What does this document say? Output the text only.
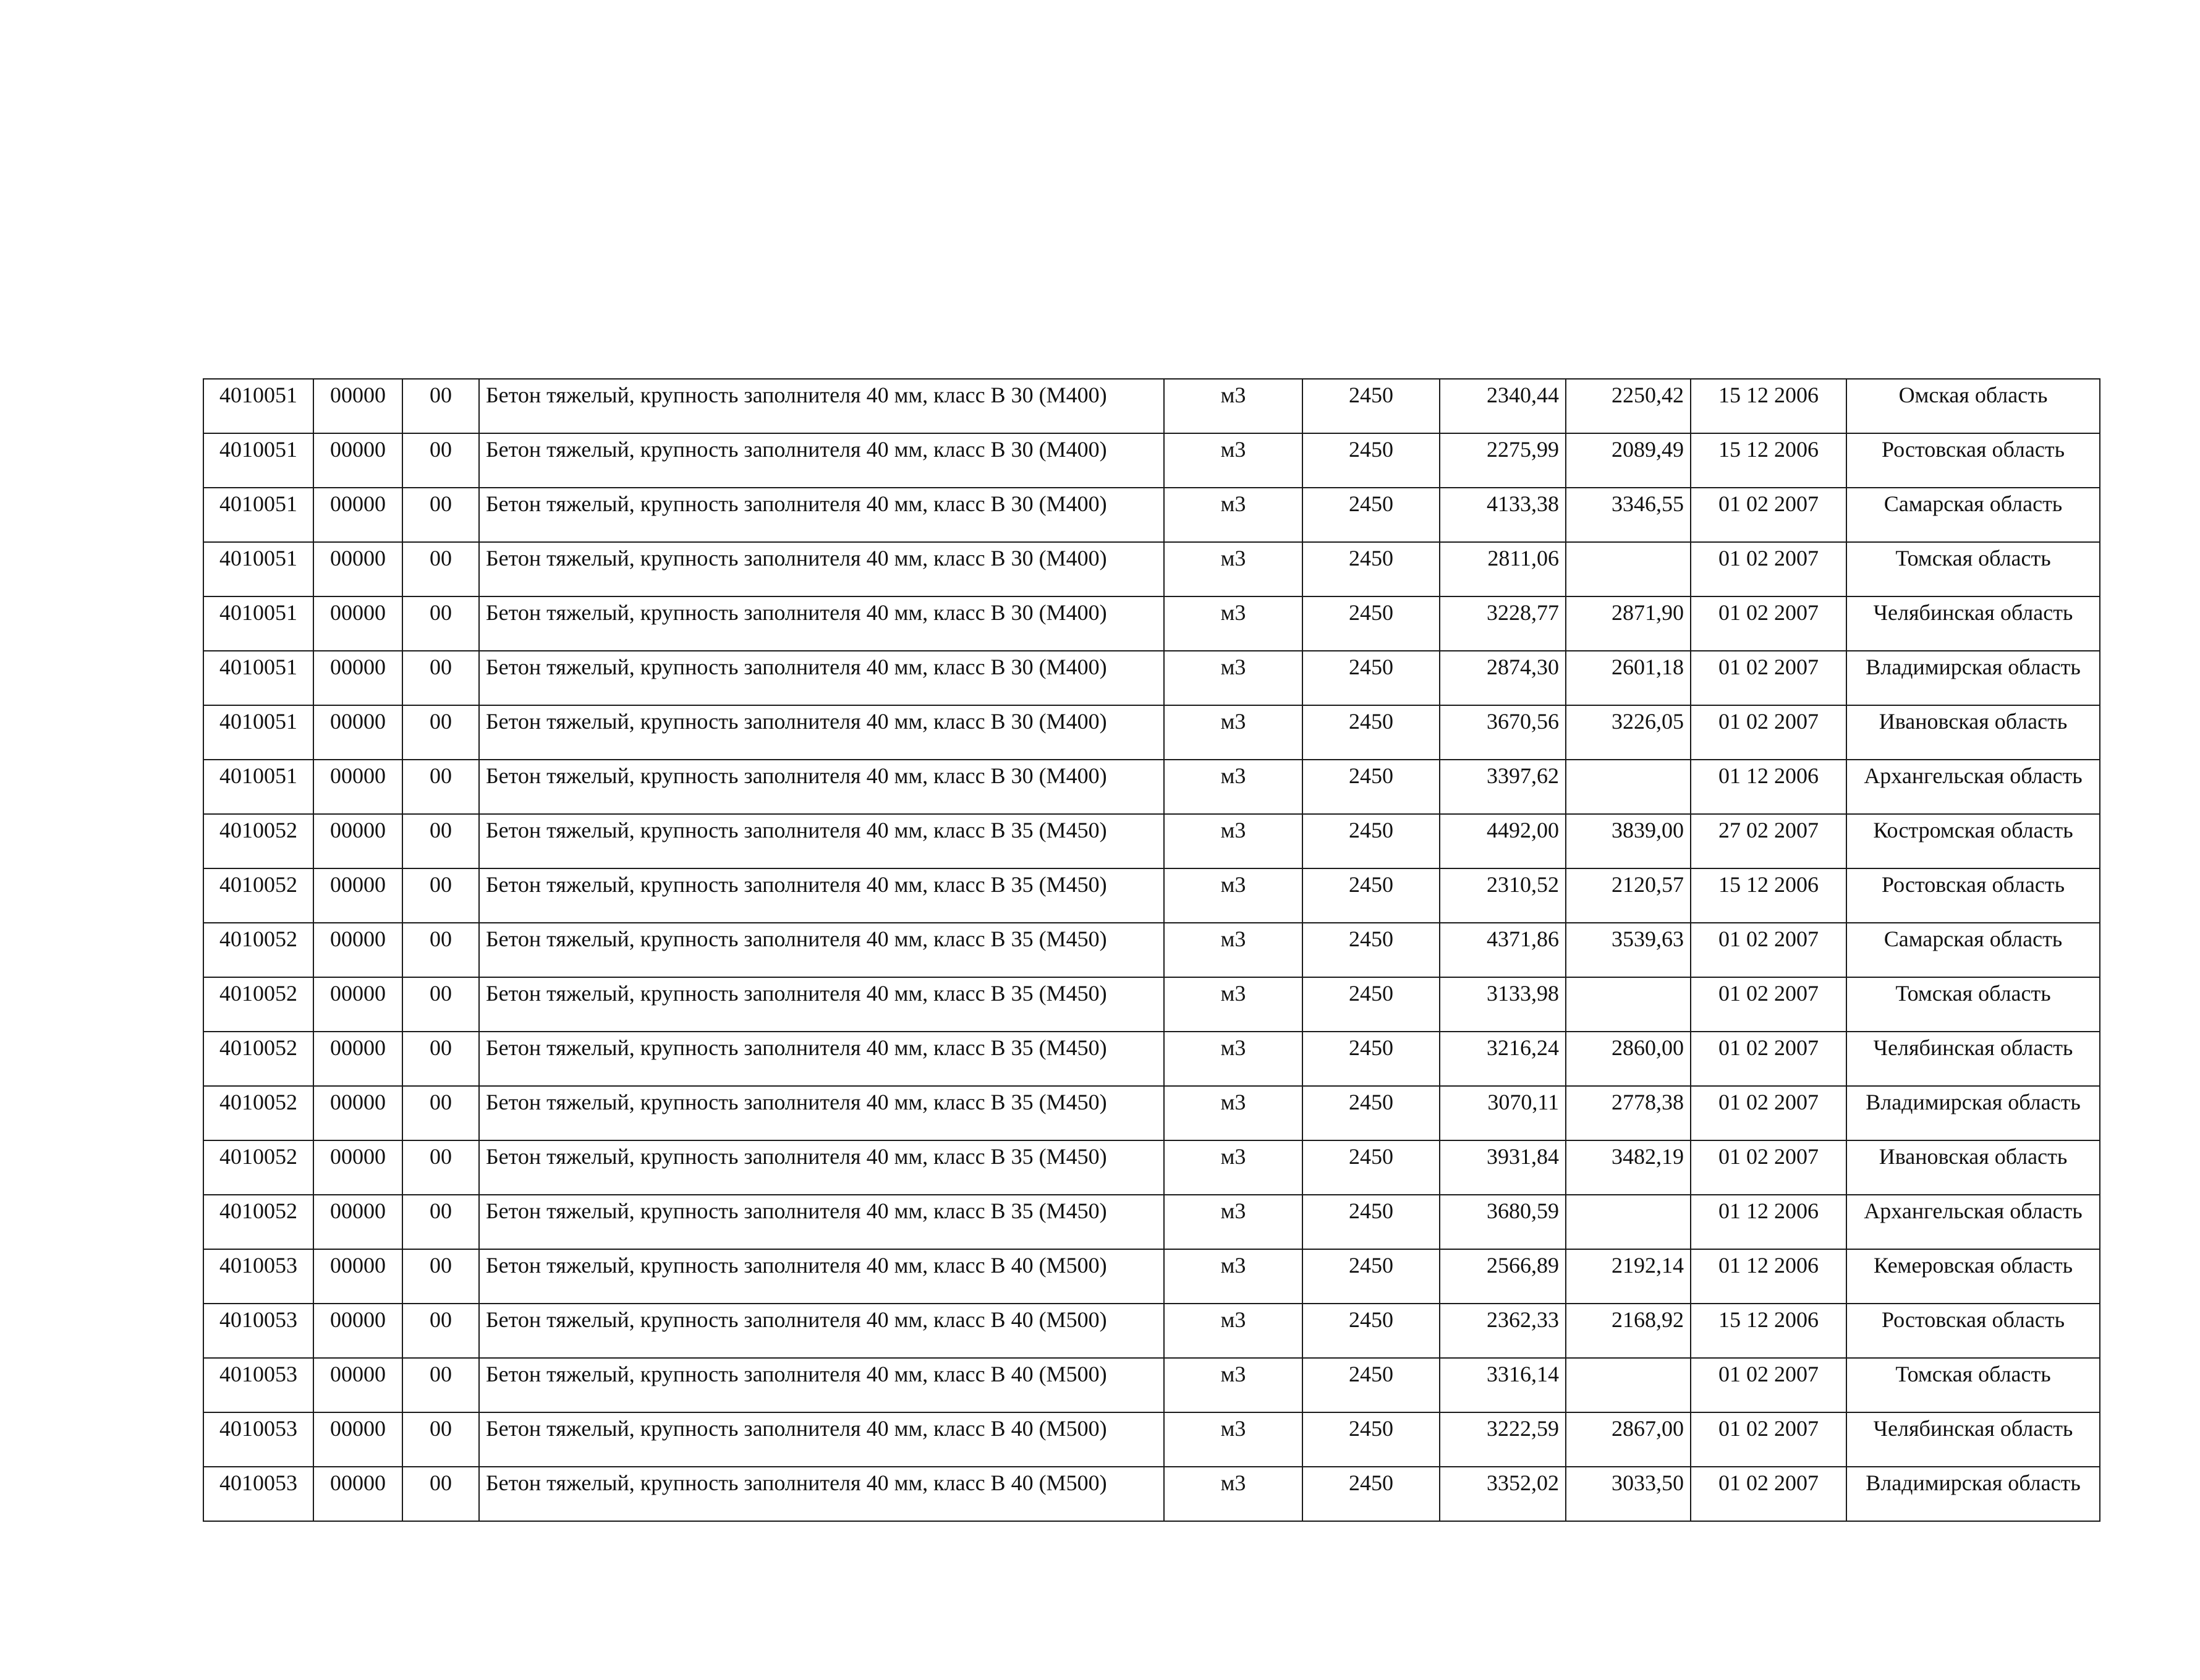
4010051	00000	00	Бетон тяжелый, крупность заполнителя 40 мм, класс В 30 (М400)	м3	2450	2340,44	2250,42	15 12 2006	Омская область
4010051	00000	00	Бетон тяжелый, крупность заполнителя 40 мм, класс В 30 (М400)	м3	2450	2275,99	2089,49	15 12 2006	Ростовская область
4010051	00000	00	Бетон тяжелый, крупность заполнителя 40 мм, класс В 30 (М400)	м3	2450	4133,38	3346,55	01 02 2007	Самарская область
4010051	00000	00	Бетон тяжелый, крупность заполнителя 40 мм, класс В 30 (М400)	м3	2450	2811,06		01 02 2007	Томская область
4010051	00000	00	Бетон тяжелый, крупность заполнителя 40 мм, класс В 30 (М400)	м3	2450	3228,77	2871,90	01 02 2007	Челябинская область
4010051	00000	00	Бетон тяжелый, крупность заполнителя 40 мм, класс В 30 (М400)	м3	2450	2874,30	2601,18	01 02 2007	Владимирская область
4010051	00000	00	Бетон тяжелый, крупность заполнителя 40 мм, класс В 30 (М400)	м3	2450	3670,56	3226,05	01 02 2007	Ивановская область
4010051	00000	00	Бетон тяжелый, крупность заполнителя 40 мм, класс В 30 (М400)	м3	2450	3397,62		01 12 2006	Архангельская область
4010052	00000	00	Бетон тяжелый, крупность заполнителя 40 мм, класс В 35 (М450)	м3	2450	4492,00	3839,00	27 02 2007	Костромская область
4010052	00000	00	Бетон тяжелый, крупность заполнителя 40 мм, класс В 35 (М450)	м3	2450	2310,52	2120,57	15 12 2006	Ростовская область
4010052	00000	00	Бетон тяжелый, крупность заполнителя 40 мм, класс В 35 (М450)	м3	2450	4371,86	3539,63	01 02 2007	Самарская область
4010052	00000	00	Бетон тяжелый, крупность заполнителя 40 мм, класс В 35 (М450)	м3	2450	3133,98		01 02 2007	Томская область
4010052	00000	00	Бетон тяжелый, крупность заполнителя 40 мм, класс В 35 (М450)	м3	2450	3216,24	2860,00	01 02 2007	Челябинская область
4010052	00000	00	Бетон тяжелый, крупность заполнителя 40 мм, класс В 35 (М450)	м3	2450	3070,11	2778,38	01 02 2007	Владимирская область
4010052	00000	00	Бетон тяжелый, крупность заполнителя 40 мм, класс В 35 (М450)	м3	2450	3931,84	3482,19	01 02 2007	Ивановская область
4010052	00000	00	Бетон тяжелый, крупность заполнителя 40 мм, класс В 35 (М450)	м3	2450	3680,59		01 12 2006	Архангельская область
4010053	00000	00	Бетон тяжелый, крупность заполнителя 40 мм, класс В 40 (М500)	м3	2450	2566,89	2192,14	01 12 2006	Кемеровская область
4010053	00000	00	Бетон тяжелый, крупность заполнителя 40 мм, класс В 40 (М500)	м3	2450	2362,33	2168,92	15 12 2006	Ростовская область
4010053	00000	00	Бетон тяжелый, крупность заполнителя 40 мм, класс В 40 (М500)	м3	2450	3316,14		01 02 2007	Томская область
4010053	00000	00	Бетон тяжелый, крупность заполнителя 40 мм, класс В 40 (М500)	м3	2450	3222,59	2867,00	01 02 2007	Челябинская область
4010053	00000	00	Бетон тяжелый, крупность заполнителя 40 мм, класс В 40 (М500)	м3	2450	3352,02	3033,50	01 02 2007	Владимирская область
